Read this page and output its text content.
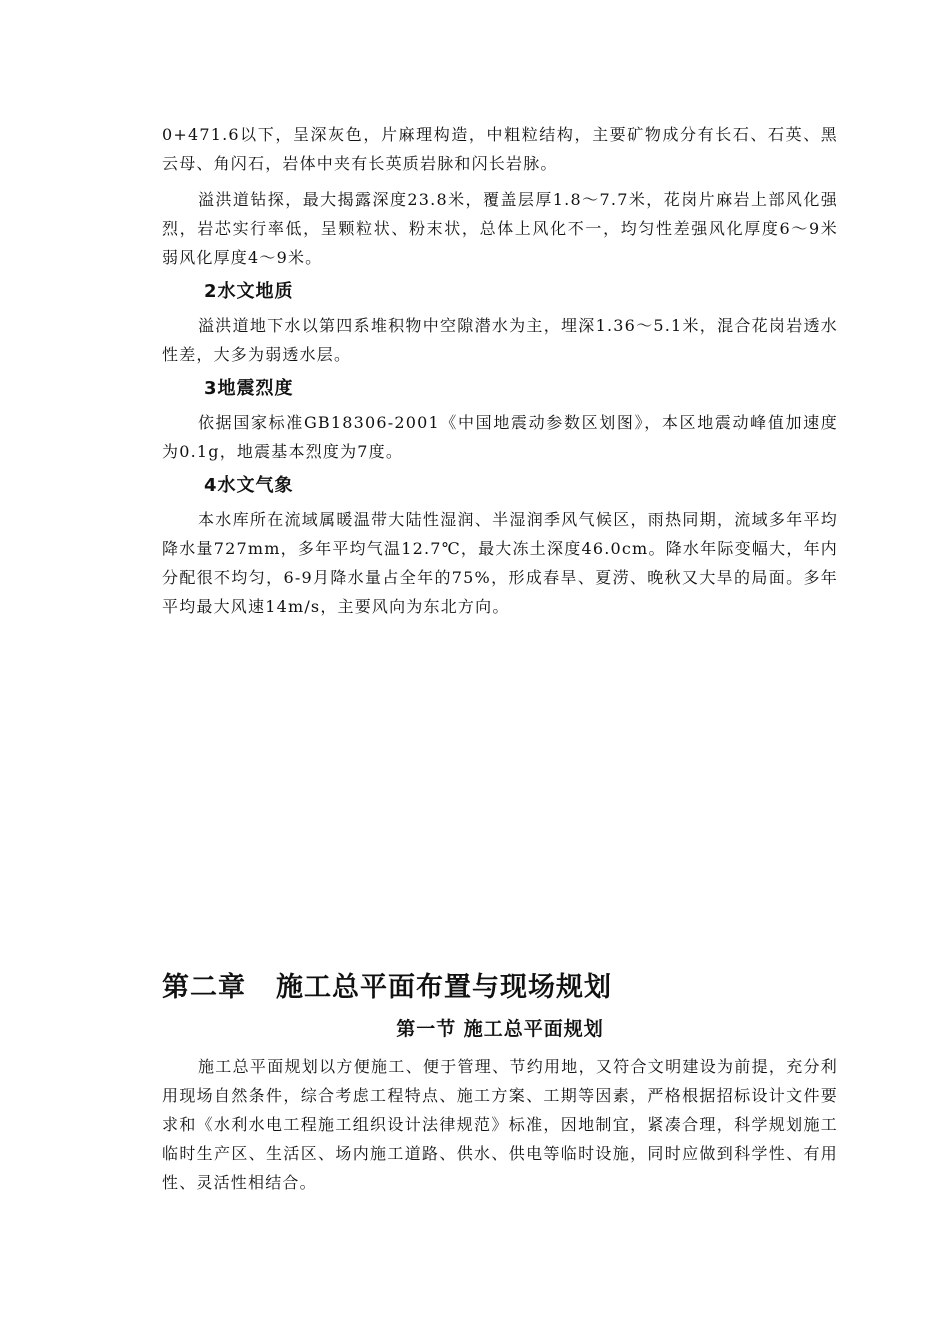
0+471.6以下，呈深灰色，片麻理构造，中粗粒结构，主要矿物成分有长石、石英、黑云母、角闪石，岩体中夹有长英质岩脉和闪长岩脉。

溢洪道钻探，最大揭露深度23.8米，覆盖层厚1.8～7.7米，花岗片麻岩上部风化强烈，岩芯实行率低，呈颗粒状、粉末状，总体上风化不一，均匀性差强风化厚度6～9米弱风化厚度4～9米。

2水文地质

溢洪道地下水以第四系堆积物中空隙潜水为主，埋深1.36～5.1米，混合花岗岩透水性差，大多为弱透水层。

3地震烈度

依据国家标准GB18306-2001《中国地震动参数区划图》，本区地震动峰值加速度为0.1g，地震基本烈度为7度。

4水文气象

本水库所在流域属暖温带大陆性湿润、半湿润季风气候区，雨热同期，流域多年平均降水量727mm，多年平均气温12.7℃，最大冻土深度46.0cm。降水年际变幅大，年内分配很不均匀，6-9月降水量占全年的75%，形成春旱、夏涝、晚秋又大旱的局面。多年平均最大风速14m/s，主要风向为东北方向。

第二章 施工总平面布置与现场规划
第一节 施工总平面规划

施工总平面规划以方便施工、便于管理、节约用地，又符合文明建设为前提，充分利用现场自然条件，综合考虑工程特点、施工方案、工期等因素，严格根据招标设计文件要求和《水利水电工程施工组织设计法律规范》标准，因地制宜，紧凑合理，科学规划施工临时生产区、生活区、场内施工道路、供水、供电等临时设施，同时应做到科学性、有用性、灵活性相结合。
